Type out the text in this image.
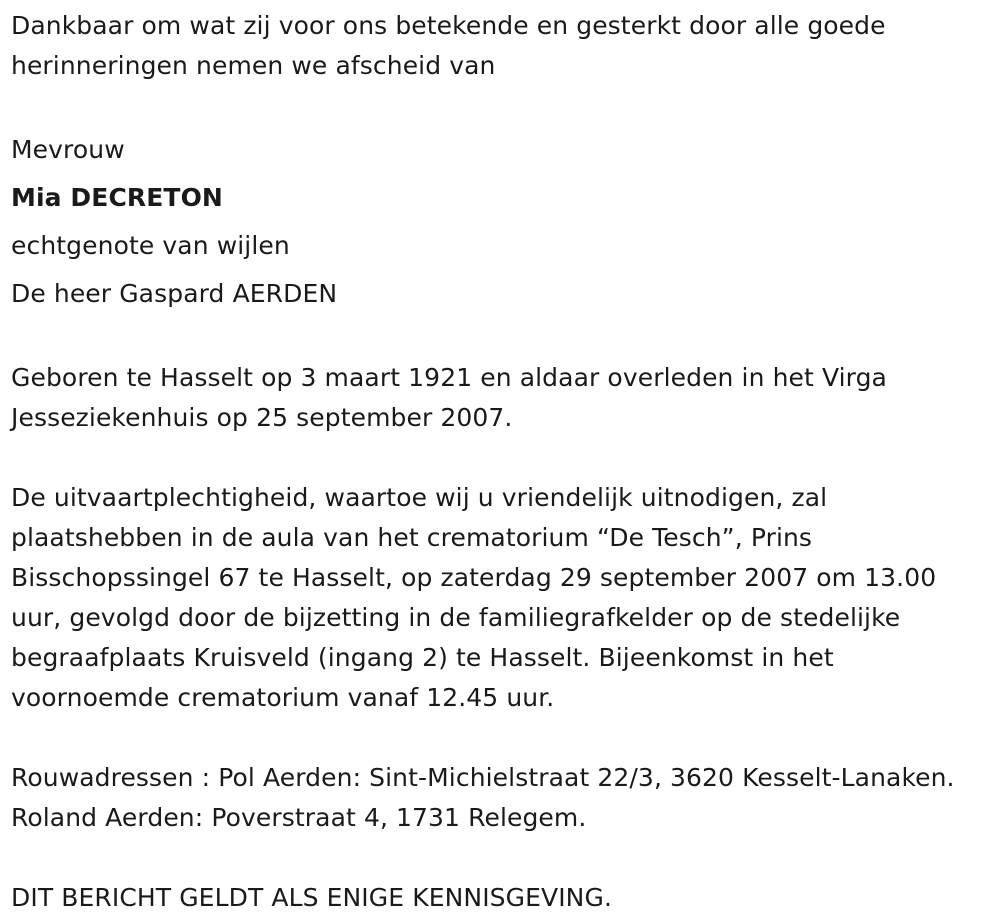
Dankbaar om wat zij voor ons betekende en gesterkt door alle goede herinneringen nemen we afscheid van

Mevrouw

Mia DECRETON

echtgenote van wijlen

De heer Gaspard AERDEN

Geboren te Hasselt op 3 maart 1921 en aldaar overleden in het Virga Jesseziekenhuis op 25 september 2007.

De uitvaartplechtigheid, waartoe wij u vriendelijk uitnodigen, zal plaatshebben in de aula van het crematorium “De Tesch”, Prins Bisschopssingel 67 te Hasselt, op zaterdag 29 september 2007 om 13.00 uur, gevolgd door de bijzetting in de familiegrafkelder op de stedelijke begraafplaats Kruisveld (ingang 2) te Hasselt. Bijeenkomst in het voornoemde crematorium vanaf 12.45 uur.

Rouwadressen : Pol Aerden: Sint-Michielstraat 22/3, 3620 Kesselt-Lanaken. Roland Aerden: Poverstraat 4, 1731 Relegem.

DIT BERICHT GELDT ALS ENIGE KENNISGEVING.
